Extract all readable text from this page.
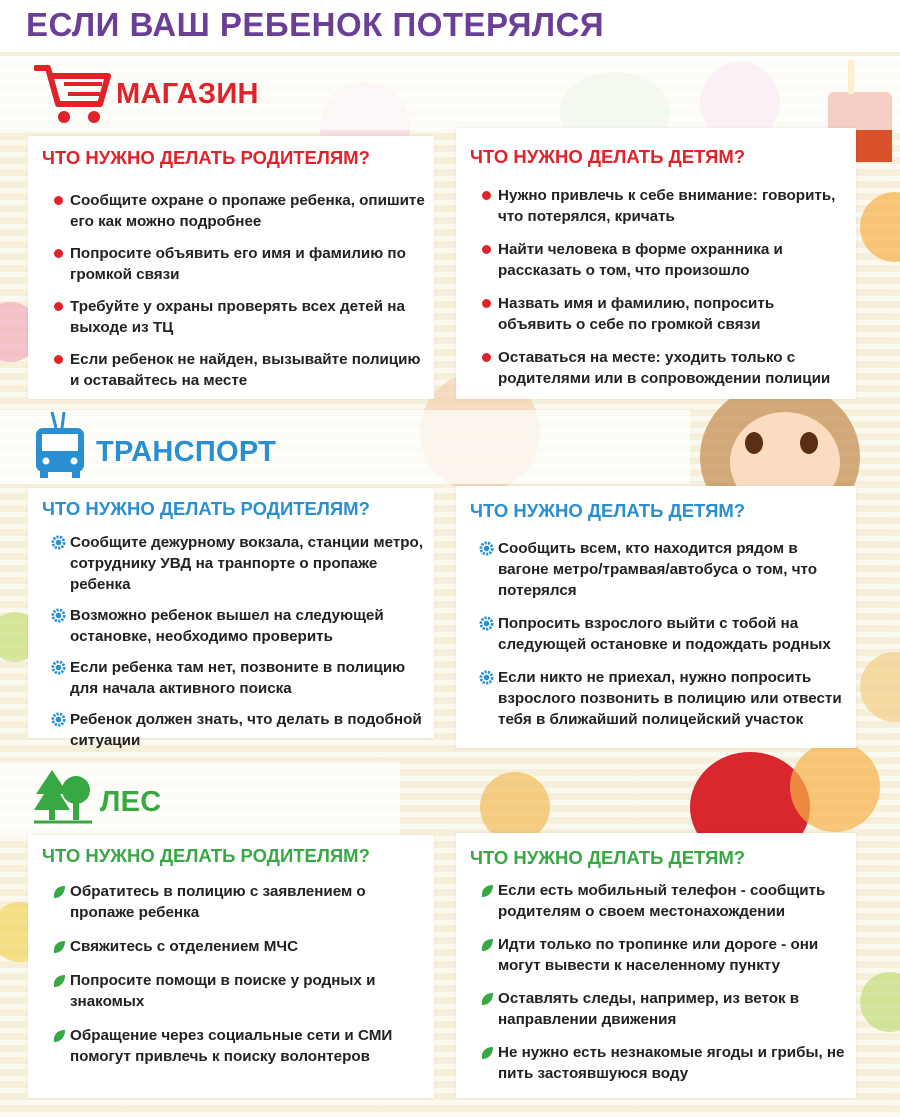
ЕСЛИ ВАШ РЕБЕНОК ПОТЕРЯЛСЯ
МАГАЗИН
ЧТО НУЖНО ДЕЛАТЬ РОДИТЕЛЯМ?
Сообщите охране о пропаже ребенка, опишите его как можно подробнее
Попросите объявить его имя и фамилию по громкой связи
Требуйте у охраны проверять всех детей на выходе из ТЦ
Если ребенок не найден, вызывайте полицию и оставайтесь на месте
ЧТО НУЖНО ДЕЛАТЬ ДЕТЯМ?
Нужно привлечь к себе внимание: говорить, что потерялся, кричать
Найти человека в форме охранника и рассказать о том, что произошло
Назвать имя и фамилию, попросить объявить о себе по громкой связи
Оставаться на месте: уходить только с родителями или в сопровождении полиции
ТРАНСПОРТ
ЧТО НУЖНО ДЕЛАТЬ РОДИТЕЛЯМ?
Сообщите дежурному вокзала, станции метро, сотруднику УВД на транпорте о пропаже ребенка
Возможно ребенок вышел на следующей остановке, необходимо проверить
Если ребенка там нет, позвоните в полицию для начала активного поиска
Ребенок должен знать, что делать в подобной ситуации
ЧТО НУЖНО ДЕЛАТЬ ДЕТЯМ?
Сообщить всем, кто находится рядом в вагоне метро/трамвая/автобуса о том, что потерялся
Попросить взрослого выйти с тобой на следующей остановке и подождать родных
Если никто не приехал, нужно попросить взрослого позвонить в полицию или отвести тебя в ближайший полицейский участок
ЛЕС
ЧТО НУЖНО ДЕЛАТЬ РОДИТЕЛЯМ?
Обратитесь в полицию с заявлением о пропаже ребенка
Свяжитесь с отделением МЧС
Попросите помощи в поиске у родных и знакомых
Обращение через социальные сети и СМИ помогут привлечь к поиску волонтеров
ЧТО НУЖНО ДЕЛАТЬ ДЕТЯМ?
Если есть мобильный телефон - сообщить родителям о своем местонахождении
Идти только по тропинке или дороге - они могут вывести к населенному пункту
Оставлять следы, например, из веток в направлении движения
Не нужно есть незнакомые ягоды и грибы, не пить застоявшуюся воду
